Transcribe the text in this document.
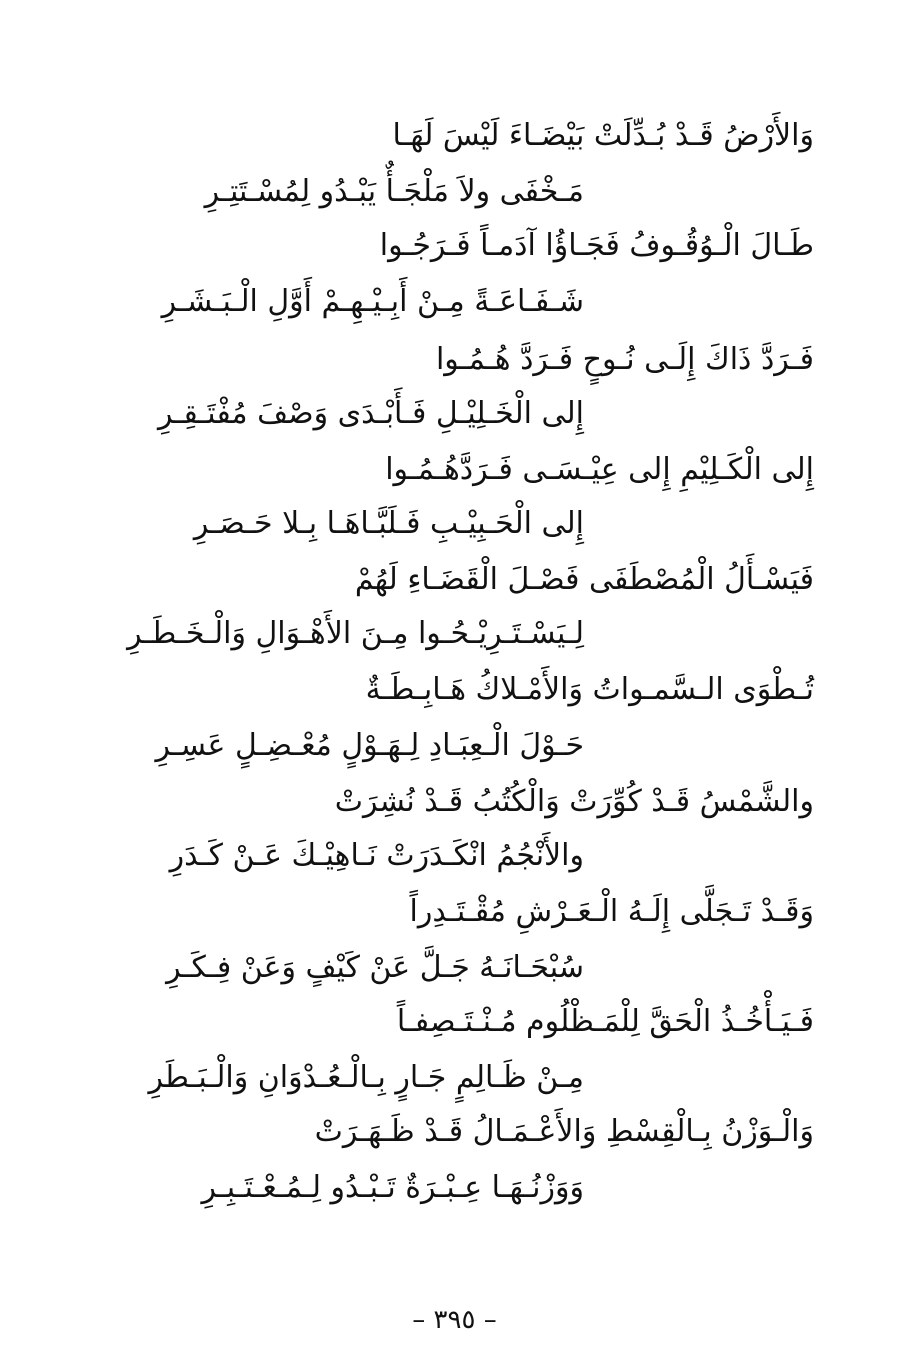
وَالأَرْضُ قَـدْ بُـدِّلَتْ بَيْضَـاءَ لَيْسَ لَهَـا
مَـخْفَى ولاَ مَلْجَـأٌ يَبْـدُو لِمُسْـتَتِـرِ
طَـالَ الْـوُقُـوفُ فَجَـاؤُا آدَمـاً فَـرَجُـوا
شَـفَـاعَـةً مِـنْ أَبِـيْـهِـمْ أَوَّلِ الْـبَـشَـرِ
فَـرَدَّ ذَاكَ إِلَـى نُـوحٍ فَـرَدَّ هُـمُـوا
إِلى الْخَـلِيْـلِ فَـأَبْـدَى وَصْفَ مُفْتَـقِـرِ
إِلى الْكَـلِيْمِ إِلى عِيْـسَـى فَـرَدَّهُـمُـوا
إِلى الْحَـبِيْـبِ فَـلَبَّـاهَـا بِـلا حَـصَـرِ
فَيَسْـأَلُ الْمُصْطَفَى فَصْـلَ الْقَضَـاءِ لَهُمْ
لِـيَسْـتَـرِيْـحُـوا مِـنَ الأَهْـوَالِ وَالْـخَـطَـرِ
تُـطْوَى الـسَّمـواتُ وَالأَمْـلاكُ هَـابِـطَـةٌ
حَـوْلَ الْـعِبَـادِ لِـهَـوْلٍ مُعْـضِـلٍ عَسِـرِ
والشَّمْسُ قَـدْ كُوِّرَتْ وَالْكُتُبُ قَـدْ نُشِرَتْ
والأَنْجُمُ انْكَـدَرَتْ نَـاهِيْـكَ عَـنْ كَـدَرِ
وَقَـدْ تَـجَلَّى إِلَـهُ الْـعَـرْشِ مُقْـتَـدِراً
سُبْحَـانَـهُ جَـلَّ عَنْ كَيْفٍ وَعَنْ فِـكَـرِ
فَـيَـأْخُـذُ الْحَقَّ لِلْمَـظْلُوم مُـنْـتَـصِفـاً
مِـنْ ظَـالِمٍ جَـارٍ بِـالْـعُـدْوَانِ وَالْـبَـطَرِ
وَالْـوَزْنُ بِـالْقِسْطِ وَالأَعْـمَـالُ قَـدْ ظَـهَـرَتْ
وَوَزْنُـهَـا عِـبْـرَةٌ تَـبْـدُو لِـمُـعْـتَـبِـرِ
– ٣٩٥ –
